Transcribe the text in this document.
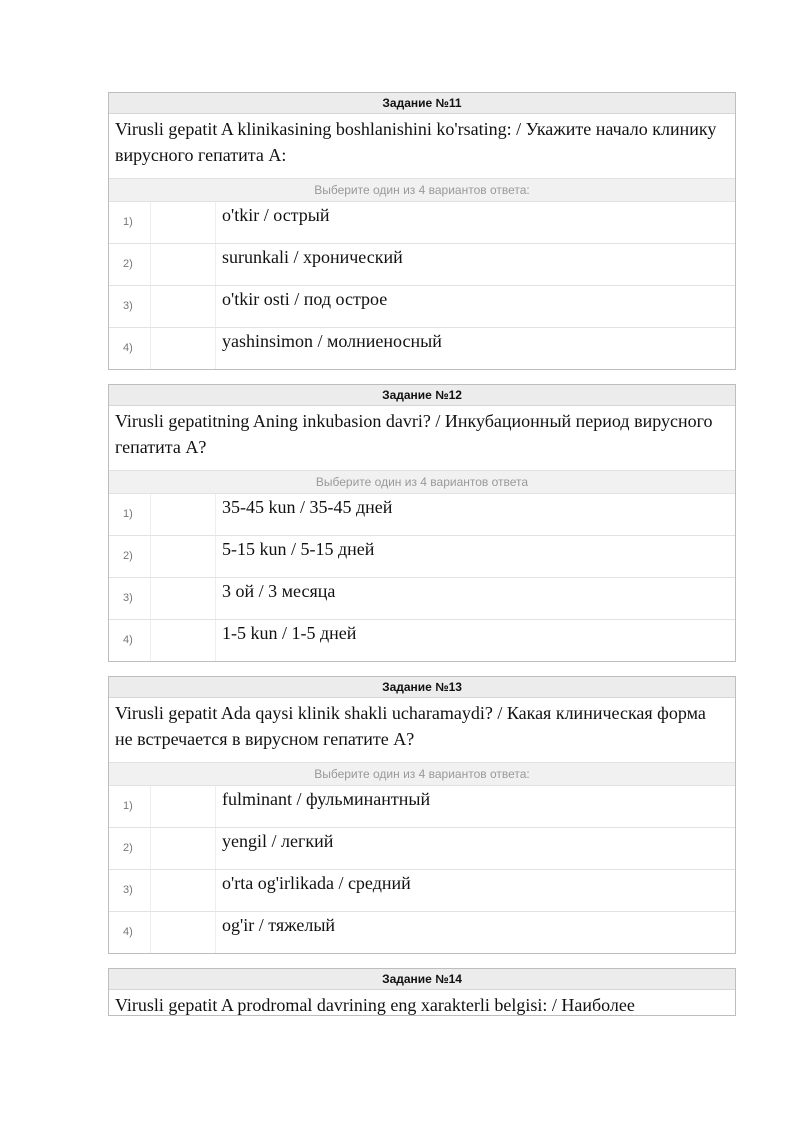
Задание №11
Virusli gepatit A klinikasining boshlanishini ko'rsating: / Укажите начало клинику вирусного гепатита А:
Выберите один из 4 вариантов ответа:
1)	o'tkir / острый
2)	surunkali / хронический
3)	o'tkir osti / под острое
4)	yashinsimon / молниеносный
Задание №12
Virusli gepatitning Aning inkubasion davri? / Инкубационный период вирусного гепатита А?
Выберите один из 4 вариантов ответа
1)	35-45 kun / 35-45 дней
2)	5-15 kun / 5-15 дней
3)	3 ой / 3 месяца
4)	1-5 kun / 1-5 дней
Задание №13
Virusli gepatit Ada qaysi klinik shakli ucharamaydi? / Какая клиническая форма не встречается в вирусном гепатите А?
Выберите один из 4 вариантов ответа:
1)	fulminant / фульминантный
2)	yengil / легкий
3)	o'rta og'irlikada / средний
4)	og'ir / тяжелый
Задание №14
Virusli gepatit A prodromal davrining eng xarakterli belgisi: / Наиболее
